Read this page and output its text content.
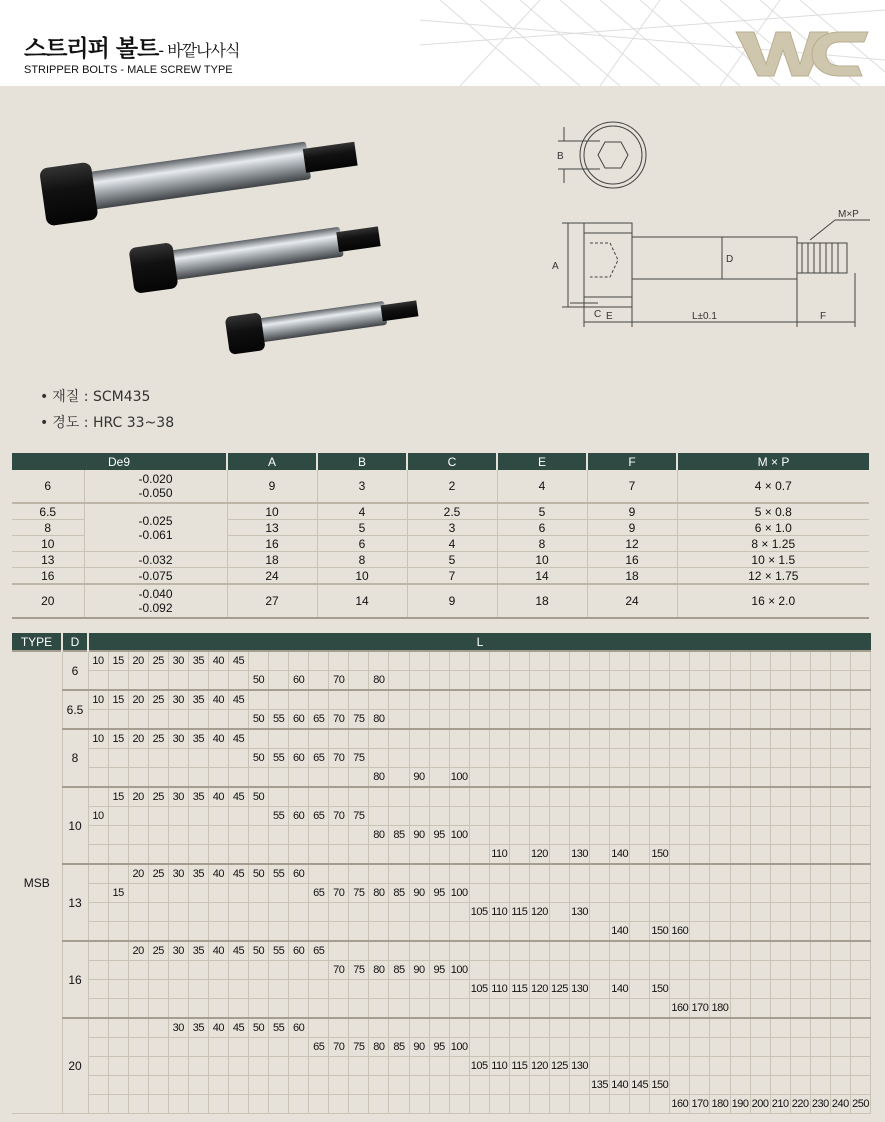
스트리퍼 볼트- 바깥나사식
STRIPPER BOLTS - MALE SCREW TYPE
B
A
C E
D
L±0.1	F
M×P
• 재질 : SCM435
• 경도 : HRC 33~38
De9		A	B	C	E	F	M × P
6	-0.020
-0.050	9	3	2	4	7	4 × 0.7
6.5	-0.025
-0.061	10	4	2.5	5	9	5 × 0.8
8		13	5	3	6	9	6 × 1.0
10		16	6	4	8	12	8 × 1.25
13	-0.032	18	8	5	10	16	10 × 1.5
16	-0.075	24	10	7	14	18	12 × 1.75
20	-0.040
-0.092	27	14	9	18	24	16 × 2.0
TYPE	D	L																																						
MSB	6	10	15	20	25	30	35	40	45																															
										50		60		70		80																								
	6.5	10	15	20	25	30	35	40	45																															
										50	55	60	65	70	75	80																								
	8	10	15	20	25	30	35	40	45																															
										50	55	60	65	70	75																									
																80		90		100																				
	10		15	20	25	30	35	40	45	50																														
		10									55	60	65	70	75																									
																80	85	90	95	100																				
																						110		120		130		140		150										
	13			20	25	30	35	40	45	50	55	60																												
			15										65	70	75	80	85	90	95	100																				
																					105	110	115	120		130														
																												140		150	160									
	16			20	25	30	35	40	45	50	55	60	65																											
														70	75	80	85	90	95	100																				
																					105	110	115	120	125	130		140		150										
																															160	170	180							
	20					30	35	40	45	50	55	60																												
													65	70	75	80	85	90	95	100																				
																					105	110	115	120	125	130														
																											135	140	145	150										
																															160	170	180	190	200	210	220	230	240	250
